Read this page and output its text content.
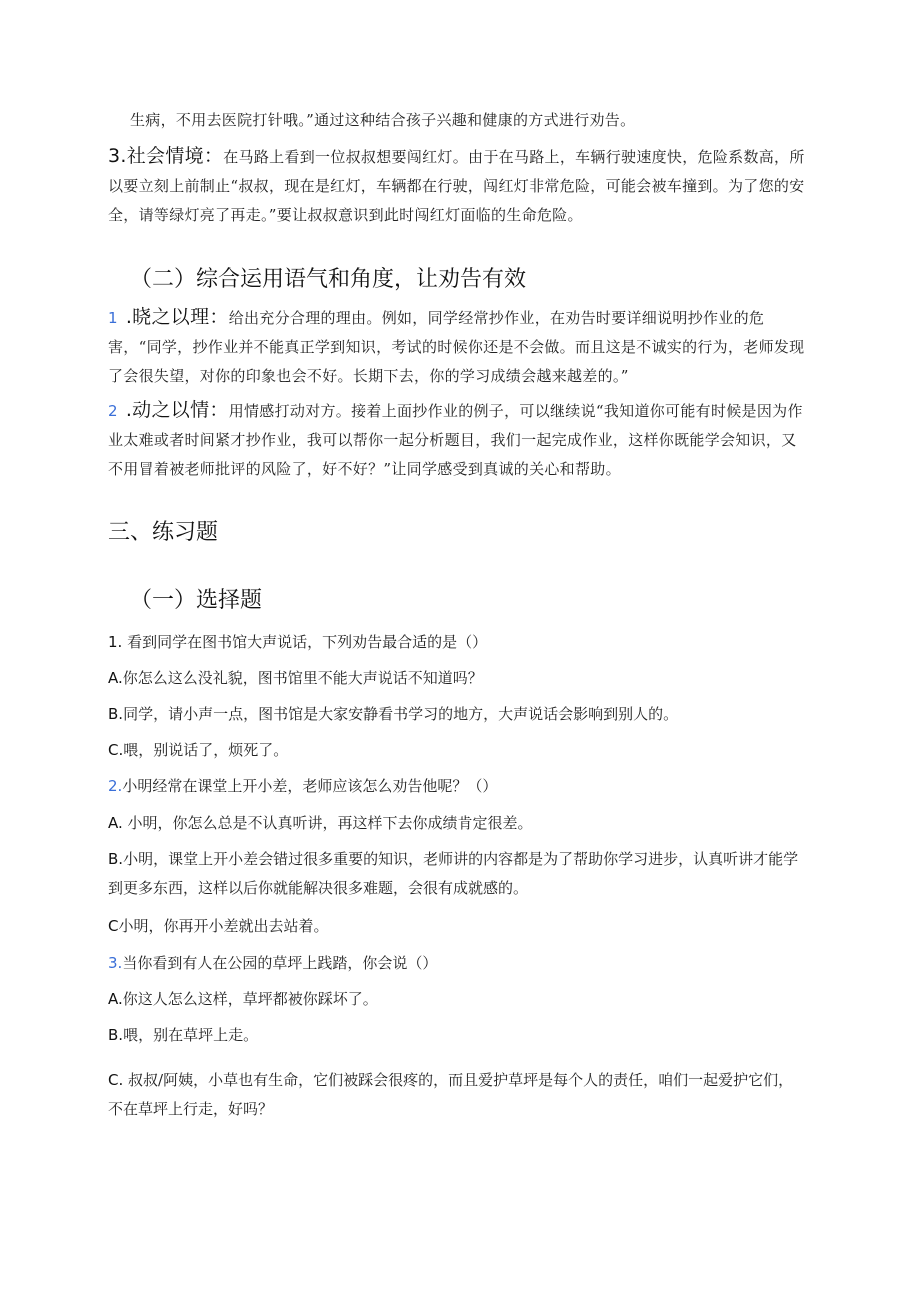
生病，不用去医院打针哦。”通过这种结合孩子兴趣和健康的方式进行劝告。
3.社会情境：在马路上看到一位叔叔想要闯红灯。由于在马路上，车辆行驶速度快，危险系数高，所以要立刻上前制止“叔叔，现在是红灯，车辆都在行驶，闯红灯非常危险，可能会被车撞到。为了您的安全，请等绿灯亮了再走。”要让叔叔意识到此时闯红灯面临的生命危险。
（二）综合运用语气和角度，让劝告有效
1 .晓之以理：给出充分合理的理由。例如，同学经常抄作业，在劝告时要详细说明抄作业的危害，“同学，抄作业并不能真正学到知识，考试的时候你还是不会做。而且这是不诚实的行为，老师发现了会很失望，对你的印象也会不好。长期下去，你的学习成绩会越来越差的。”
2 .动之以情：用情感打动对方。接着上面抄作业的例子，可以继续说“我知道你可能有时候是因为作业太难或者时间紧才抄作业，我可以帮你一起分析题目，我们一起完成作业，这样你既能学会知识，又不用冒着被老师批评的风险了，好不好？”让同学感受到真诚的关心和帮助。
三、练习题
（一）选择题
1. 看到同学在图书馆大声说话，下列劝告最合适的是（）
A.你怎么这么没礼貌，图书馆里不能大声说话不知道吗？
B.同学，请小声一点，图书馆是大家安静看书学习的地方，大声说话会影响到别人的。
C.喂，别说话了，烦死了。
2.小明经常在课堂上开小差，老师应该怎么劝告他呢？（）
A. 小明，你怎么总是不认真听讲，再这样下去你成绩肯定很差。
B.小明，课堂上开小差会错过很多重要的知识，老师讲的内容都是为了帮助你学习进步，认真听讲才能学到更多东西，这样以后你就能解决很多难题，会很有成就感的。
C小明，你再开小差就出去站着。
3.当你看到有人在公园的草坪上践踏，你会说（）
A.你这人怎么这样，草坪都被你踩坏了。
B.喂，别在草坪上走。
C. 叔叔/阿姨，小草也有生命，它们被踩会很疼的，而且爱护草坪是每个人的责任，咱们一起爱护它们，不在草坪上行走，好吗？
